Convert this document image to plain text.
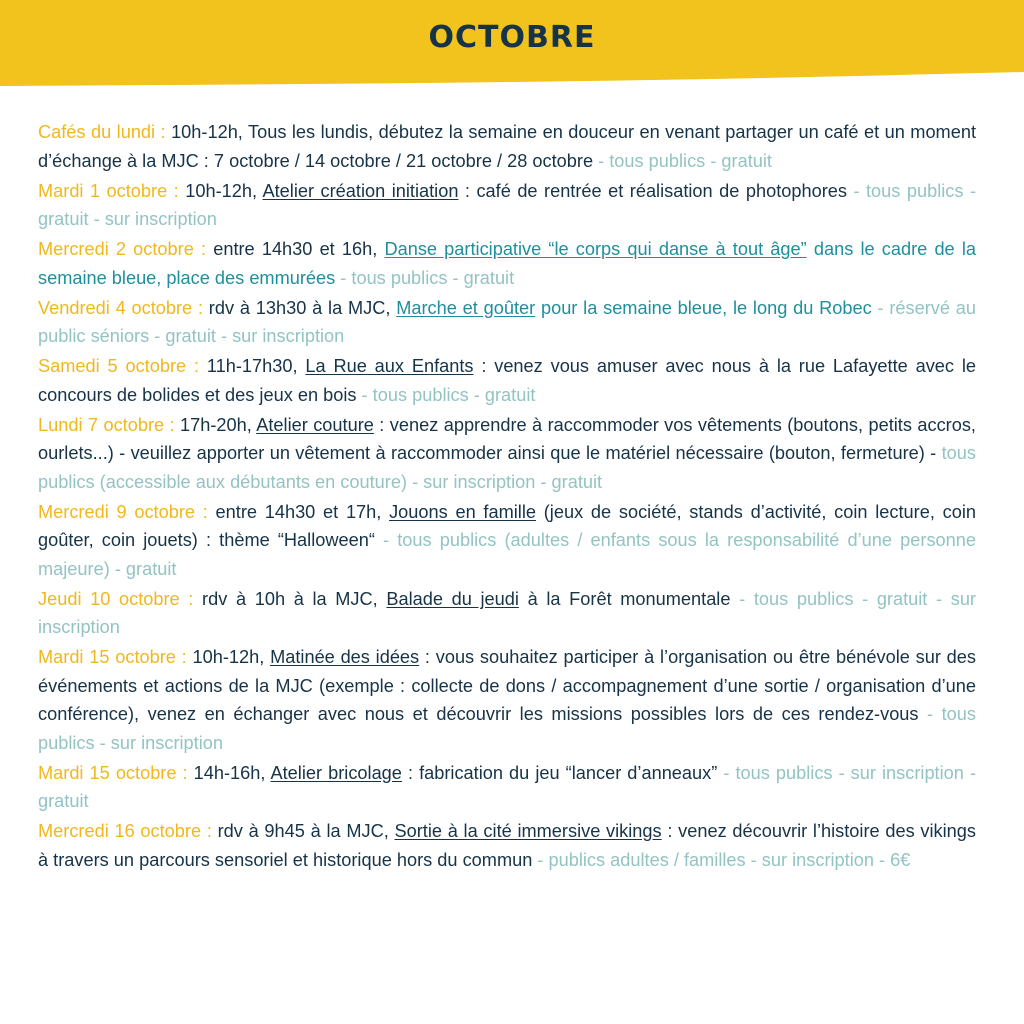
OCTOBRE

Cafés du lundi : 10h-12h, Tous les lundis, débutez la semaine en douceur en venant partager un café et un moment d’échange à la MJC : 7 octobre / 14 octobre / 21 octobre / 28 octobre - tous publics - gratuit

Mardi 1 octobre : 10h-12h, Atelier création initiation : café de rentrée et réalisation de photophores - tous publics - gratuit - sur inscription

Mercredi 2 octobre : entre 14h30 et 16h, Danse participative “le corps qui danse à tout âge” dans le cadre de la semaine bleue, place des emmurées - tous publics - gratuit

Vendredi 4 octobre : rdv à 13h30 à la MJC, Marche et goûter pour la semaine bleue, le long du Robec - réservé au public séniors - gratuit - sur inscription

Samedi 5 octobre : 11h-17h30, La Rue aux Enfants : venez vous amuser avec nous à la rue Lafayette avec le concours de bolides et des jeux en bois - tous publics - gratuit

Lundi 7 octobre : 17h-20h, Atelier couture : venez apprendre à raccommoder vos vêtements (boutons, petits accros, ourlets...) - veuillez apporter un vêtement à raccommoder ainsi que le matériel nécessaire (bouton, fermeture) - tous publics (accessible aux débutants en couture) - sur inscription - gratuit

Mercredi 9 octobre : entre 14h30 et 17h, Jouons en famille (jeux de société, stands d’activité, coin lecture, coin goûter, coin jouets) : thème “Halloween“ - tous publics (adultes / enfants sous la responsabilité d’une personne majeure) - gratuit

Jeudi 10 octobre : rdv à 10h à la MJC, Balade du jeudi à la Forêt monumentale - tous publics - gratuit - sur inscription

Mardi 15 octobre : 10h-12h, Matinée des idées : vous souhaitez participer à l’organisation ou être bénévole sur des événements et actions de la MJC (exemple : collecte de dons / accompagnement d’une sortie / organisation d’une conférence), venez en échanger avec nous et découvrir les missions possibles lors de ces rendez-vous - tous publics - sur inscription

Mardi 15 octobre : 14h-16h, Atelier bricolage : fabrication du jeu “lancer d’anneaux” - tous publics - sur inscription - gratuit

Mercredi 16 octobre : rdv à 9h45 à la MJC, Sortie à la cité immersive vikings : venez découvrir l’histoire des vikings à travers un parcours sensoriel et historique hors du commun - publics adultes / familles - sur inscription - 6€
